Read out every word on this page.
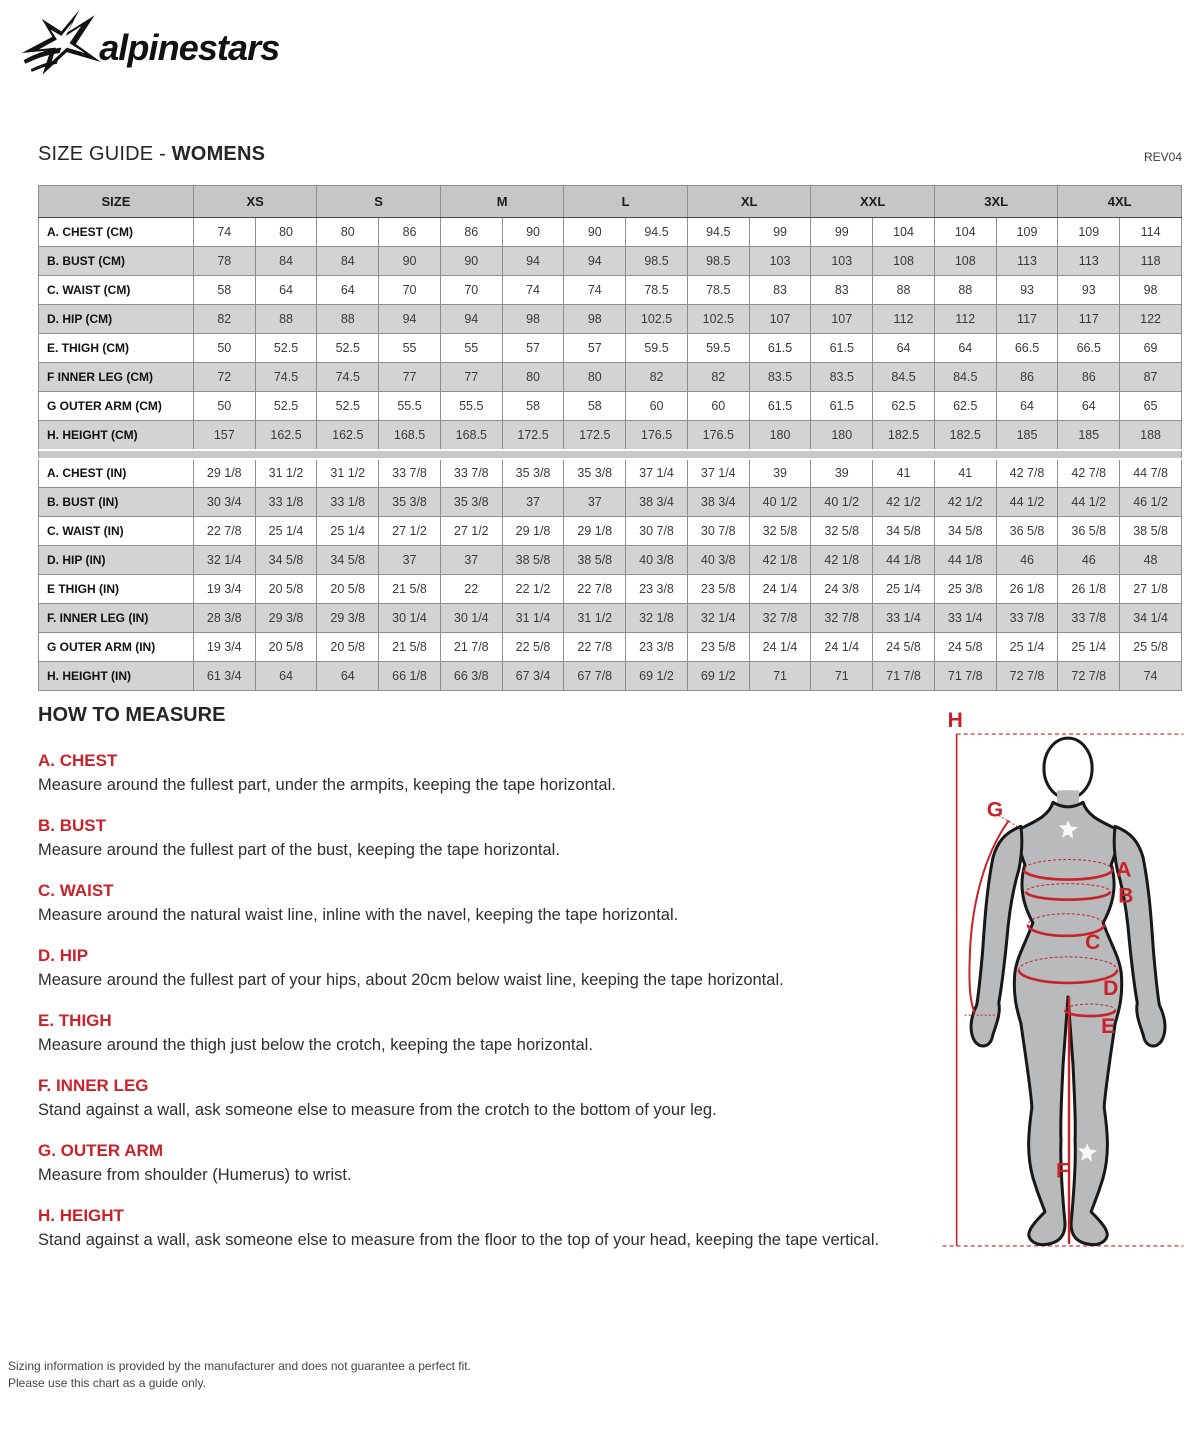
alpinestars
SIZE GUIDE - WOMENS	REV04
SIZE	XS		S		M		L		XL		XXL		3XL		4XL	
A. CHEST (CM)	74	80	80	86	86	90	90	94.5	94.5	99	99	104	104	109	109	114
B. BUST (CM)	78	84	84	90	90	94	94	98.5	98.5	103	103	108	108	113	113	118
C. WAIST (CM)	58	64	64	70	70	74	74	78.5	78.5	83	83	88	88	93	93	98
D. HIP (CM)	82	88	88	94	94	98	98	102.5	102.5	107	107	112	112	117	117	122
E. THIGH (CM)	50	52.5	52.5	55	55	57	57	59.5	59.5	61.5	61.5	64	64	66.5	66.5	69
F INNER LEG (CM)	72	74.5	74.5	77	77	80	80	82	82	83.5	83.5	84.5	84.5	86	86	87
G OUTER ARM (CM)	50	52.5	52.5	55.5	55.5	58	58	60	60	61.5	61.5	62.5	62.5	64	64	65
H. HEIGHT (CM)	157	162.5	162.5	168.5	168.5	172.5	172.5	176.5	176.5	180	180	182.5	182.5	185	185	188

A. CHEST (IN)	29 1/8	31 1/2	31 1/2	33 7/8	33 7/8	35 3/8	35 3/8	37 1/4	37 1/4	39	39	41	41	42 7/8	42 7/8	44 7/8
B. BUST (IN)	30 3/4	33 1/8	33 1/8	35 3/8	35 3/8	37	37	38 3/4	38 3/4	40 1/2	40 1/2	42 1/2	42 1/2	44 1/2	44 1/2	46 1/2
C. WAIST (IN)	22 7/8	25 1/4	25 1/4	27 1/2	27 1/2	29 1/8	29 1/8	30 7/8	30 7/8	32 5/8	32 5/8	34 5/8	34 5/8	36 5/8	36 5/8	38 5/8
D. HIP (IN)	32 1/4	34 5/8	34 5/8	37	37	38 5/8	38 5/8	40 3/8	40 3/8	42 1/8	42 1/8	44 1/8	44 1/8	46	46	48
E THIGH (IN)	19 3/4	20 5/8	20 5/8	21 5/8	22	22 1/2	22 7/8	23 3/8	23 5/8	24 1/4	24 3/8	25 1/4	25 3/8	26 1/8	26 1/8	27 1/8
F. INNER LEG (IN)	28 3/8	29 3/8	29 3/8	30 1/4	30 1/4	31 1/4	31 1/2	32 1/8	32 1/4	32 7/8	32 7/8	33 1/4	33 1/4	33 7/8	33 7/8	34 1/4
G OUTER ARM (IN)	19 3/4	20 5/8	20 5/8	21 5/8	21 7/8	22 5/8	22 7/8	23 3/8	23 5/8	24 1/4	24 1/4	24 5/8	24 5/8	25 1/4	25 1/4	25 5/8
H. HEIGHT (IN)	61 3/4	64	64	66 1/8	66 3/8	67 3/4	67 7/8	69 1/2	69 1/2	71	71	71 7/8	71 7/8	72 7/8	72 7/8	74
HOW TO MEASURE
A. CHEST
Measure around the fullest part, under the armpits, keeping the tape horizontal.
B. BUST
Measure around the fullest part of the bust, keeping the tape horizontal.
C. WAIST
Measure around the natural waist line, inline with the navel, keeping the tape horizontal.
D. HIP
Measure around the fullest part of your hips, about 20cm below waist line, keeping the tape horizontal.
E. THIGH
Measure around the thigh just below the crotch, keeping the tape horizontal.
F. INNER LEG
Stand against a wall, ask someone else to measure from the crotch to the bottom of your leg.
G. OUTER ARM
Measure from shoulder (Humerus) to wrist.
H. HEIGHT
Stand against a wall, ask someone else to measure from the floor to the top of your head, keeping the tape vertical.
H
G
A
B
C
D
E
F
Sizing information is provided by the manufacturer and does not guarantee a perfect fit.
Please use this chart as a guide only.
